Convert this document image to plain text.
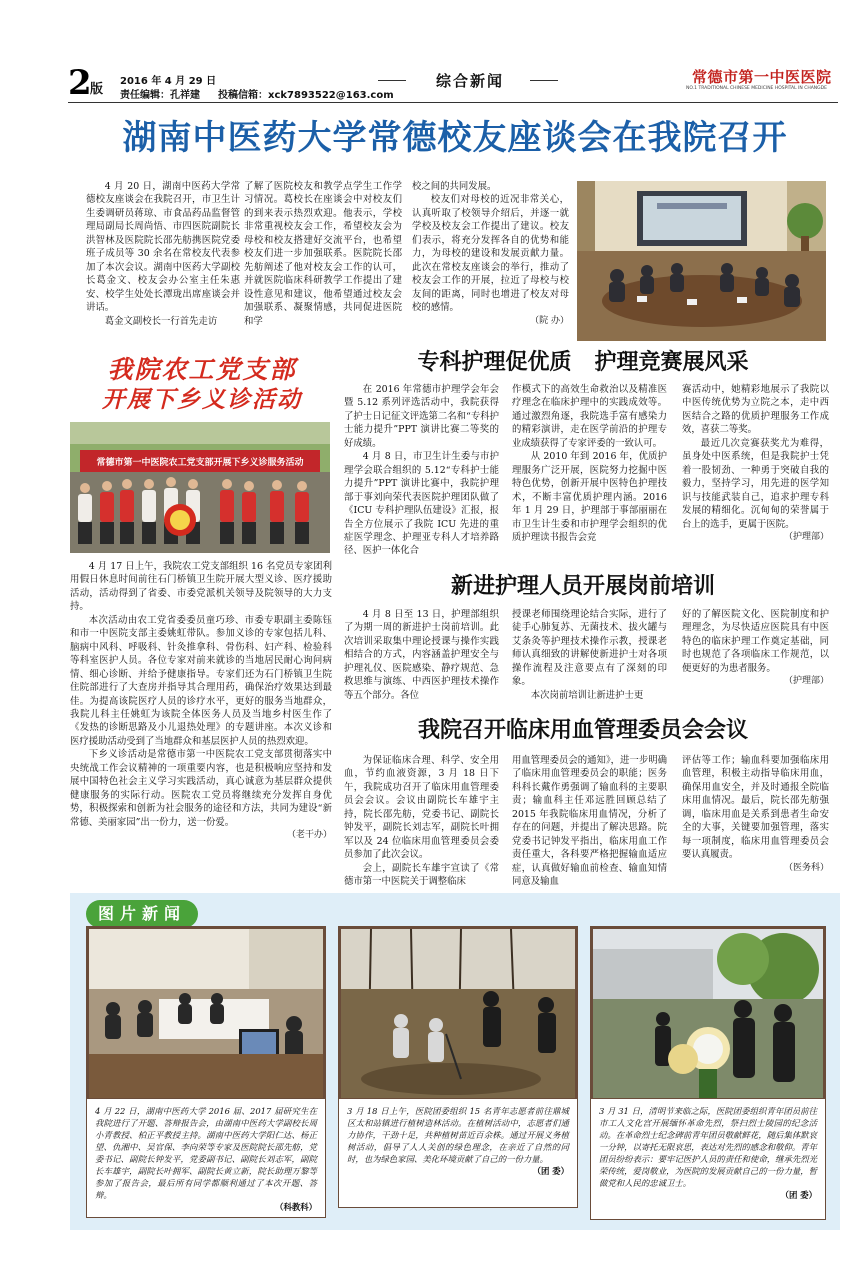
2
版
2016 年 4 月 29 日
责任编辑：孔祥建 投稿信箱：xck7893522@163.com
综合新闻	常德市第一中医医院
NO.1 TRADITIONAL CHINESE MEDICINE HOSPITAL IN CHANGDE
湖南中医药大学常德校友座谈会在我院召开

4 月 20 日，湖南中医药大学常德校友座谈会在我院召开，市卫生计生委调研员蒋琼、市食品药品监督管理局副局长周尚悟、市四医院副院长洪智林及医院院长邵先舫携医院党委班子成员等 30 余名在常校友代表参加了本次会议。湖南中医药大学副校长葛金文、校友会办公室主任朱惠安、校学生处处长潭珑出席座谈会并讲话。

葛金文副校长一行首先走访

了解了医院校友和教学点学生工作学习情况。葛校长在座谈会中对校友们的到来表示热烈欢迎。他表示，学校非常重视校友会工作，希望校友会为母校和校友搭建好交流平台，也希望校友们进一步加强联系。医院院长邵先舫阐述了他对校友会工作的认可，并就医院临床科研教学工作提出了建设性意见和建议，他希望通过校友会加强联系、凝聚情感，共同促进医院和学

校之间的共同发展。

校友们对母校的近况非常关心，认真听取了校领导介绍后，并逐一就学校及校友会工作提出了建议。校友们表示，将充分发挥各自的优势和能力，为母校的建设和发展贡献力量。此次在常校友座谈会的举行，推动了校友会工作的开展，拉近了母校与校友间的距离，同时也增进了校友对母校的感情。

（院 办）
我院农工党支部
开展下乡义诊活动
常德市第一中医院农工党支部开展下乡义诊服务活动

4 月 17 日上午，我院农工党支部组织 16 名党员专家团利用假日休息时间前往石门桥镇卫生院开展大型义诊、医疗援助活动，活动得到了省委、市委党派机关领导及院领导的大力支持。

本次活动由农工党省委委员童巧珍、市委专职副主委陈钰和市一中医院支部主委姚虹带队。参加义诊的专家包括儿科、脑病中风科、呼吸科、针灸推拿科、骨伤科、妇产科、检验科等科室医护人员。各位专家对前来就诊的当地居民耐心询问病情、细心诊断、并给予健康指导。专家们还为石门桥镇卫生院住院部进行了大查房并指导其合理用药，确保治疗效果达到最佳。为提高该院医疗人员的诊疗水平，更好的服务当地群众，我院儿科主任姚虹为该院全体医务人员及当地乡村医生作了《发热的诊断思路及小儿退热处理》的专题讲座。本次义诊和医疗援助活动受到了当地群众和基层医护人员的热烈欢迎。

下乡义诊活动是常德市第一中医院农工党支部贯彻落实中央统战工作会议精神的一项重要内容，也是积极响应坚持和发展中国特色社会主义学习实践活动，真心诚意为基层群众提供健康服务的实际行动。医院农工党员将继续充分发挥自身优势，积极探索和创新为社会服务的途径和方法，共同为建设“新常德、美丽家园”出一份力，送一份爱。

（老干办）
专科护理促优质   护理竞赛展风采

在 2016 年常德市护理学会年会暨 5.12 系列评选活动中，我院获得了护士日记征文评选第二名和“专科护士能力提升”PPT 演讲比赛二等奖的好成绩。

4 月 8 日，市卫生计生委与市护理学会联合组织的 5.12“专科护士能力提升”PPT 演讲比赛中，我院护理部于事刘向荣代表医院护理团队做了《ICU 专科护理队伍建设》汇报，报告全方位展示了我院 ICU 先进的重症医学理念、护理亚专科人才培养路径、医护一体化合

作模式下的高效生命救治以及精准医疗理念在临床护理中的实践成效等。通过激烈角逐，我院选手富有感染力的精彩演讲，走在医学前沿的护理专业成绩获得了专家评委的一致认可。

从 2010 年到 2016 年，优质护理服务广泛开展，医院努力挖掘中医特色优势，创新开展中医特色护理技术，不断丰富优质护理内涵。2016 年 1 月 29 日，护理部于事部丽丽在市卫生计生委和市护理学会组织的优质护理读书报告会竞

赛活动中，她精彩地展示了我院以中医传统优势为立院之本，走中西医结合之路的优质护理服务工作成效，喜获二等奖。

最近几次竞赛获奖尤为难得，虽身处中医系统，但是我院护士凭着一股韧劲、一种勇于突破自我的毅力，坚持学习，用先进的医学知识与技能武装自己，追求护理专科发展的精细化。沉甸甸的荣誉属于台上的选手，更属于医院。

（护理部）
新进护理人员开展岗前培训

4 月 8 日至 13 日，护理部组织了为期一周的新进护士岗前培训。此次培训采取集中理论授课与操作实践相结合的方式，内容涵盖护理安全与护理礼仪、医院感染、静疗规范、急救思维与演练、中西医护理技术操作等五个部分。各位

授课老师围绕理论结合实际，进行了徒手心肺复苏、无菌技术、拔火罐与艾条灸等护理技术操作示教，授课老师认真细致的讲解使新进护士对各项操作流程及注意要点有了深刻的印象。

本次岗前培训让新进护士更

好的了解医院文化、医院制度和护理理念，为尽快适应医院具有中医特色的临床护理工作奠定基础，同时也规范了各项临床工作规范，以便更好的为患者服务。

（护理部）
我院召开临床用血管理委员会会议

为保证临床合理、科学、安全用血，节约血液资源，3 月 18 日下午，我院成功召开了临床用血管理委员会会议。会议由副院长车雄宇主持，院长邵先舫，党委书记、副院长钟发平，副院长刘志军，副院长叶拥军以及 24 位临床用血管理委员会委员参加了此次会议。

会上，副院长车雄宇宣读了《常德市第一中医院关于调整临床

用血管理委员会的通知》，进一步明确了临床用血管理委员会的职能；医务科科长戴作勇强调了输血科的主要职责；输血科主任邓远胜回顾总结了 2015 年我院临床用血情况，分析了存在的问题，并提出了解决思路。院党委书记钟发平指出，临床用血工作责任重大，各科要严格把握输血适应症，认真做好输血前检查、输血知情同意及输血

评估等工作；输血科要加强临床用血管理，积极主动指导临床用血，确保用血安全，并及时通报全院临床用血情况。最后，院长邵先舫强调，临床用血是关系到患者生命安全的大事，关键要加强管理，落实每一项制度，临床用血管理委员会要认真履责。

（医务科）
图片新闻
4 月 22 日，湖南中医药大学 2016 届、2017 届研究生在我院进行了开题、答辩报告会，由湖南中医药大学副校长周小青教授、柏正平教授主持。湖南中医药大学阳仁达、杨正望、仇湘中、吴官保、李向荣等专家及医院院长邵先舫，党委书记、副院长钟发平，党委副书记、副院长刘志军，副院长车雄宇，副院长叶拥军、副院长黄立新，院长助理万黎等参加了报告会，最后所有同学都顺利通过了本次开题、答辩。
（科教科）
3 月 18 日上午，医院团委组织 15 名青年志愿者前往鼎城区太和站镇进行植树造林活动。在植树活动中，志愿者们通力协作，干劲十足，共种植树苗近百余株。通过开展义务植树活动，倡导了人人关创的绿色理念，在亲近了自然的同时，也为绿色家园、美化环境贡献了自己的一份力量。
（团 委）
3 月 31 日，清明节来临之际，医院团委组织青年团员前往市工人文化宫开展缅怀革命先烈，祭扫烈士陵园的纪念活动。在革命烈士纪念碑前青年团员敬献鲜花，随后集体默哀一分钟，以寄托无限哀思，表达对先烈的感念和敬仰。青年团员纷纷表示：要牢记医护人员的责任和使命，继承先烈光荣传统，爱岗敬业，为医院的发展贡献自己的一份力量，暂做党和人民的忠诚卫士。
（团 委）
